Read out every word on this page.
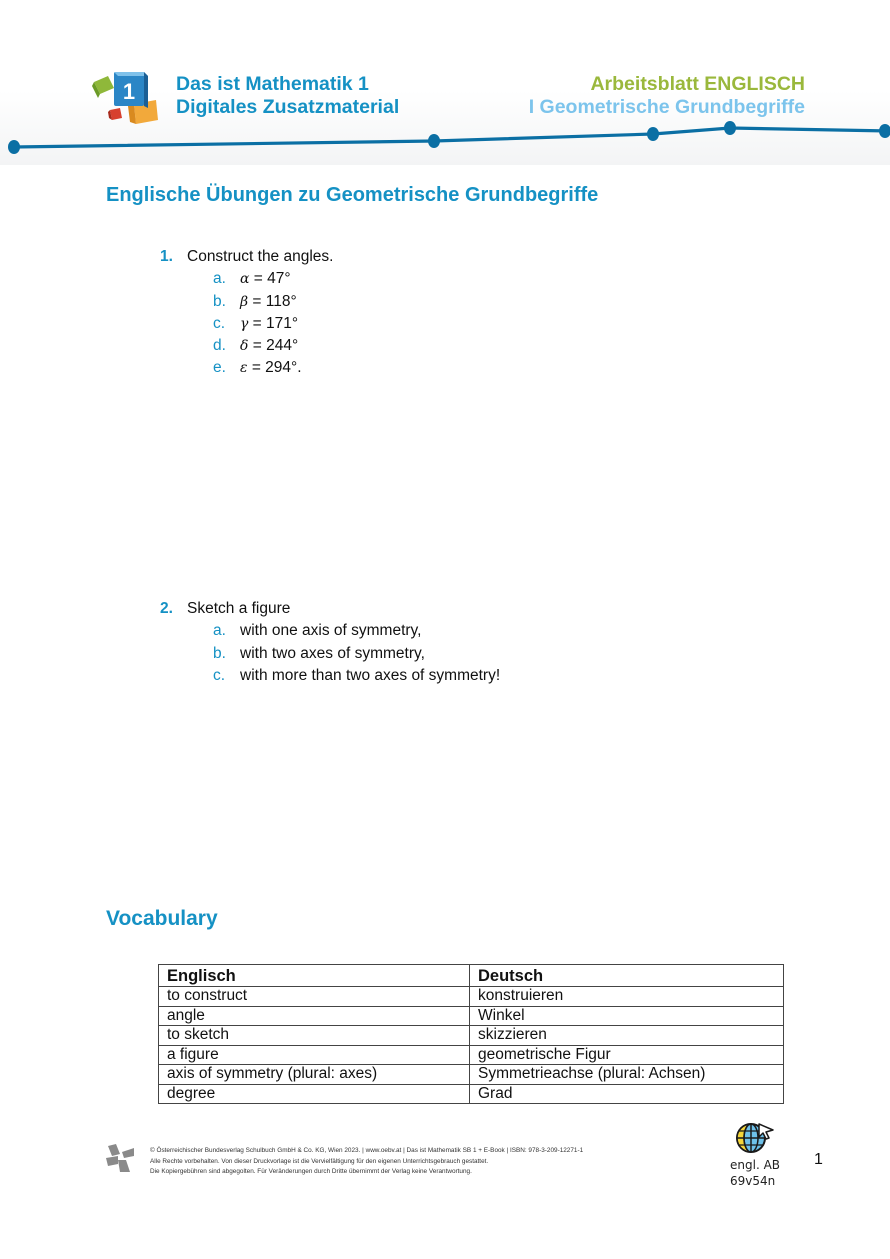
1 Das ist Mathematik 1
Digitales Zusatzmaterial
Arbeitsblatt ENGLISCH
I Geometrische Grundbegriffe
Englische Übungen zu Geometrische Grundbegriffe
1. Construct the angles.
a.	α = 47°
b.	β = 118°
c.	γ = 171°
d.	δ = 244°
e.	ε = 294°.
2. Sketch a figure
a. with one axis of symmetry,
b. with two axes of symmetry,
c. with more than two axes of symmetry!
Vocabulary
Englisch	Deutsch
to construct	konstruieren
angle	Winkel
to sketch	skizzieren
a figure	geometrische Figur
axis of symmetry (plural: axes)	Symmetrieachse (plural: Achsen)
degree	Grad
© Österreichischer Bundesverlag Schulbuch GmbH & Co. KG, Wien 2023. | www.oebv.at | Das ist Mathematik SB 1 + E-Book | ISBN: 978-3-209-12271-1
Alle Rechte vorbehalten. Von dieser Druckvorlage ist die Vervielfältigung für den eigenen Unterrichtsgebrauch gestattet.
Die Kopiergebühren sind abgegolten. Für Veränderungen durch Dritte übernimmt der Verlag keine Verantwortung.	engl. AB
69v54n
1
